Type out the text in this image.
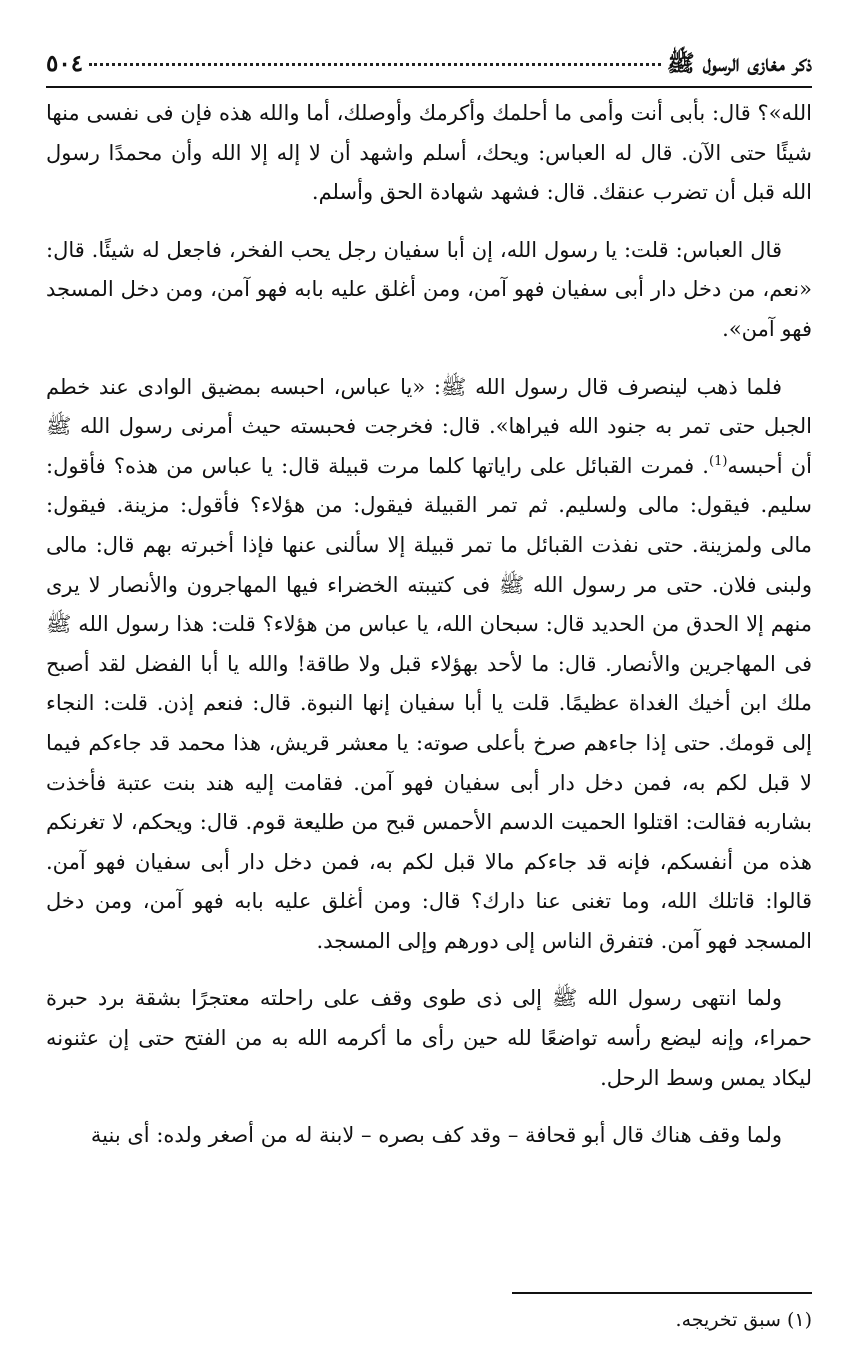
ذكر مغازى الرسول ﷺ
٥٠٤

الله»؟ قال: بأبى أنت وأمى ما أحلمك وأكرمك وأوصلك، أما والله هذه فإن فى نفسى منها شيئًا حتى الآن. قال له العباس: ويحك، أسلم واشهد أن لا إله إلا الله وأن محمدًا رسول الله قبل أن تضرب عنقك. قال: فشهد شهادة الحق وأسلم.

قال العباس: قلت: يا رسول الله، إن أبا سفيان رجل يحب الفخر، فاجعل له شيئًا. قال: «نعم، من دخل دار أبى سفيان فهو آمن، ومن أغلق عليه بابه فهو آمن، ومن دخل المسجد فهو آمن».

فلما ذهب لينصرف قال رسول الله ﷺ: «يا عباس، احبسه بمضيق الوادى عند خطم الجبل حتى تمر به جنود الله فيراها». قال: فخرجت فحبسته حيث أمرنى رسول الله ﷺ أن أحبسه$^{(1)}$. فمرت القبائل على راياتها كلما مرت قبيلة قال: يا عباس من هذه؟ فأقول: سليم. فيقول: مالى ولسليم. ثم تمر القبيلة فيقول: من هؤلاء؟ فأقول: مزينة. فيقول: مالى ولمزينة. حتى نفذت القبائل ما تمر قبيلة إلا سألنى عنها فإذا أخبرته بهم قال: مالى ولبنى فلان. حتى مر رسول الله ﷺ فى كتيبته الخضراء فيها المهاجرون والأنصار لا يرى منهم إلا الحدق من الحديد قال: سبحان الله، يا عباس من هؤلاء؟ قلت: هذا رسول الله ﷺ فى المهاجرين والأنصار. قال: ما لأحد بهؤلاء قبل ولا طاقة! والله يا أبا الفضل لقد أصبح ملك ابن أخيك الغداة عظيمًا. قلت يا أبا سفيان إنها النبوة. قال: فنعم إذن. قلت: النجاء إلى قومك. حتى إذا جاءهم صرخ بأعلى صوته: يا معشر قريش، هذا محمد قد جاءكم فيما لا قبل لكم به، فمن دخل دار أبى سفيان فهو آمن. فقامت إليه هند بنت عتبة فأخذت بشاربه فقالت: اقتلوا الحميت الدسم الأحمس قبح من طليعة قوم. قال: ويحكم، لا تغرنكم هذه من أنفسكم، فإنه قد جاءكم مالا قبل لكم به، فمن دخل دار أبى سفيان فهو آمن. قالوا: قاتلك الله، وما تغنى عنا دارك؟ قال: ومن أغلق عليه بابه فهو آمن، ومن دخل المسجد فهو آمن. فتفرق الناس إلى دورهم وإلى المسجد.

ولما انتهى رسول الله ﷺ إلى ذى طوى وقف على راحلته معتجرًا بشقة برد حبرة حمراء، وإنه ليضع رأسه تواضعًا لله حين رأى ما أكرمه الله به من الفتح حتى إن عثنونه ليكاد يمس وسط الرحل.

ولما وقف هناك قال أبو قحافة – وقد كف بصره – لابنة له من أصغر ولده: أى بنية

(١) سبق تخريجه.
